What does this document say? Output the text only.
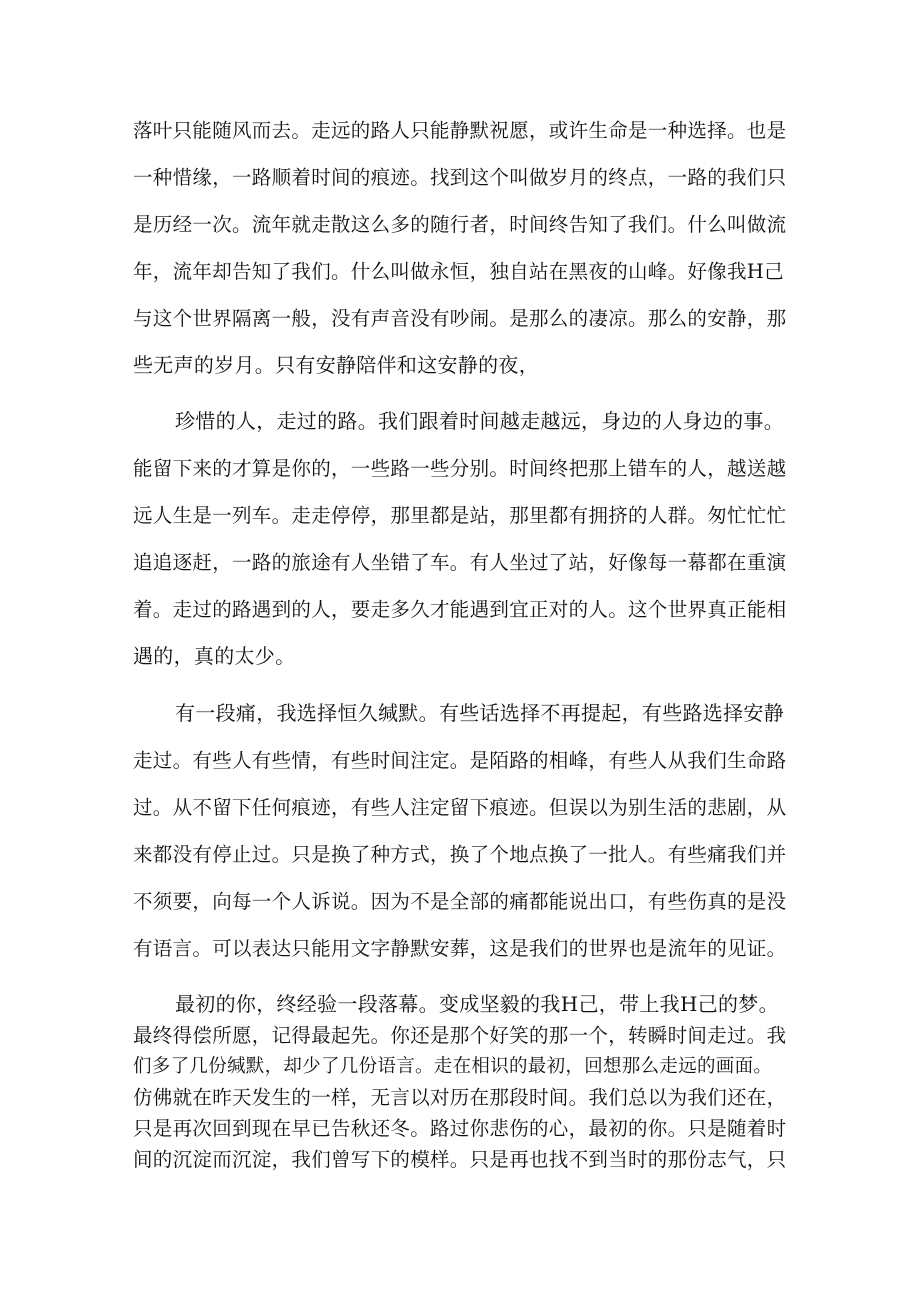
落叶只能随风而去。走远的路人只能静默祝愿，或许生命是一种选择。也是
一种惜缘，一路顺着时间的痕迹。找到这个叫做岁月的终点，一路的我们只
是历经一次。流年就走散这么多的随行者，时间终告知了我们。什么叫做流
年，流年却告知了我们。什么叫做永恒，独自站在黑夜的山峰。好像我H己
与这个世界隔离一般，没有声音没有吵闹。是那么的凄凉。那么的安静，那
些无声的岁月。只有安静陪伴和这安静的夜，
珍惜的人，走过的路。我们跟着时间越走越远，身边的人身边的事。
能留下来的才算是你的，一些路一些分别。时间终把那上错车的人，越送越
远人生是一列车。走走停停，那里都是站，那里都有拥挤的人群。匆忙忙忙
追追逐赶，一路的旅途有人坐错了车。有人坐过了站，好像每一幕都在重演
着。走过的路遇到的人，要走多久才能遇到宜正对的人。这个世界真正能相
遇的，真的太少。
有一段痛，我选择恒久缄默。有些话选择不再提起，有些路选择安静
走过。有些人有些情，有些时间注定。是陌路的相峰，有些人从我们生命路
过。从不留下任何痕迹，有些人注定留下痕迹。但误以为别生活的悲剧，从
来都没有停止过。只是换了种方式，换了个地点换了一批人。有些痛我们并
不须要，向每一个人诉说。因为不是全部的痛都能说出口，有些伤真的是没
有语言。可以表达只能用文字静默安葬，这是我们的世界也是流年的见证。
最初的你，终经验一段落幕。变成坚毅的我H己，带上我H己的梦。
最终得偿所愿，记得最起先。你还是那个好笑的那一个，转瞬时间走过。我
们多了几份缄默，却少了几份语言。走在相识的最初，回想那么走远的画面。
仿佛就在昨天发生的一样，无言以对历在那段时间。我们总以为我们还在，
只是再次回到现在早已告秋还冬。路过你悲伤的心，最初的你。只是随着时
间的沉淀而沉淀，我们曾写下的模样。只是再也找不到当时的那份志气，只
